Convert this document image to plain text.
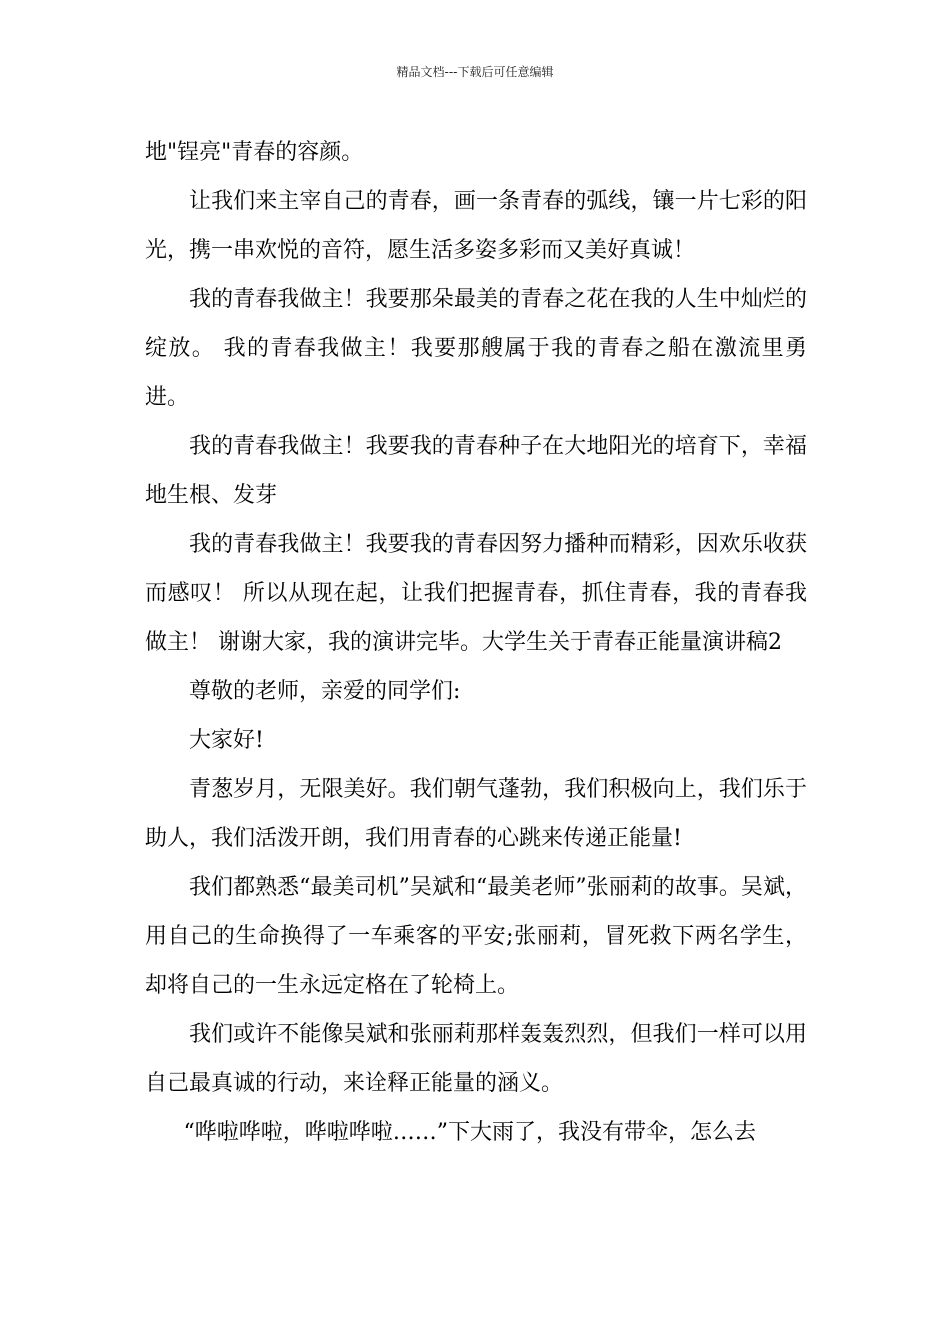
精品文档---下载后可任意编辑

地"锃亮"青春的容颜。

让我们来主宰自己的青春，画一条青春的弧线，镶一片七彩的阳光，携一串欢悦的音符，愿生活多姿多彩而又美好真诚！

我的青春我做主！我要那朵最美的青春之花在我的人生中灿烂的绽放。 我的青春我做主！我要那艘属于我的青春之船在激流里勇进。

我的青春我做主！我要我的青春种子在大地阳光的培育下，幸福地生根、发芽

我的青春我做主！我要我的青春因努力播种而精彩，因欢乐收获而感叹！ 所以从现在起，让我们把握青春，抓住青春，我的青春我做主！ 谢谢大家，我的演讲完毕。大学生关于青春正能量演讲稿2

尊敬的老师，亲爱的同学们:

大家好!

青葱岁月，无限美好。我们朝气蓬勃，我们积极向上，我们乐于助人，我们活泼开朗，我们用青春的心跳来传递正能量!

我们都熟悉“最美司机”吴斌和“最美老师”张丽莉的故事。吴斌，用自己的生命换得了一车乘客的平安;张丽莉，冒死救下两名学生，却将自己的一生永远定格在了轮椅上。

我们或许不能像吴斌和张丽莉那样轰轰烈烈，但我们一样可以用自己最真诚的行动，来诠释正能量的涵义。

“哗啦哗啦，哗啦哗啦……”下大雨了，我没有带伞，怎么去
